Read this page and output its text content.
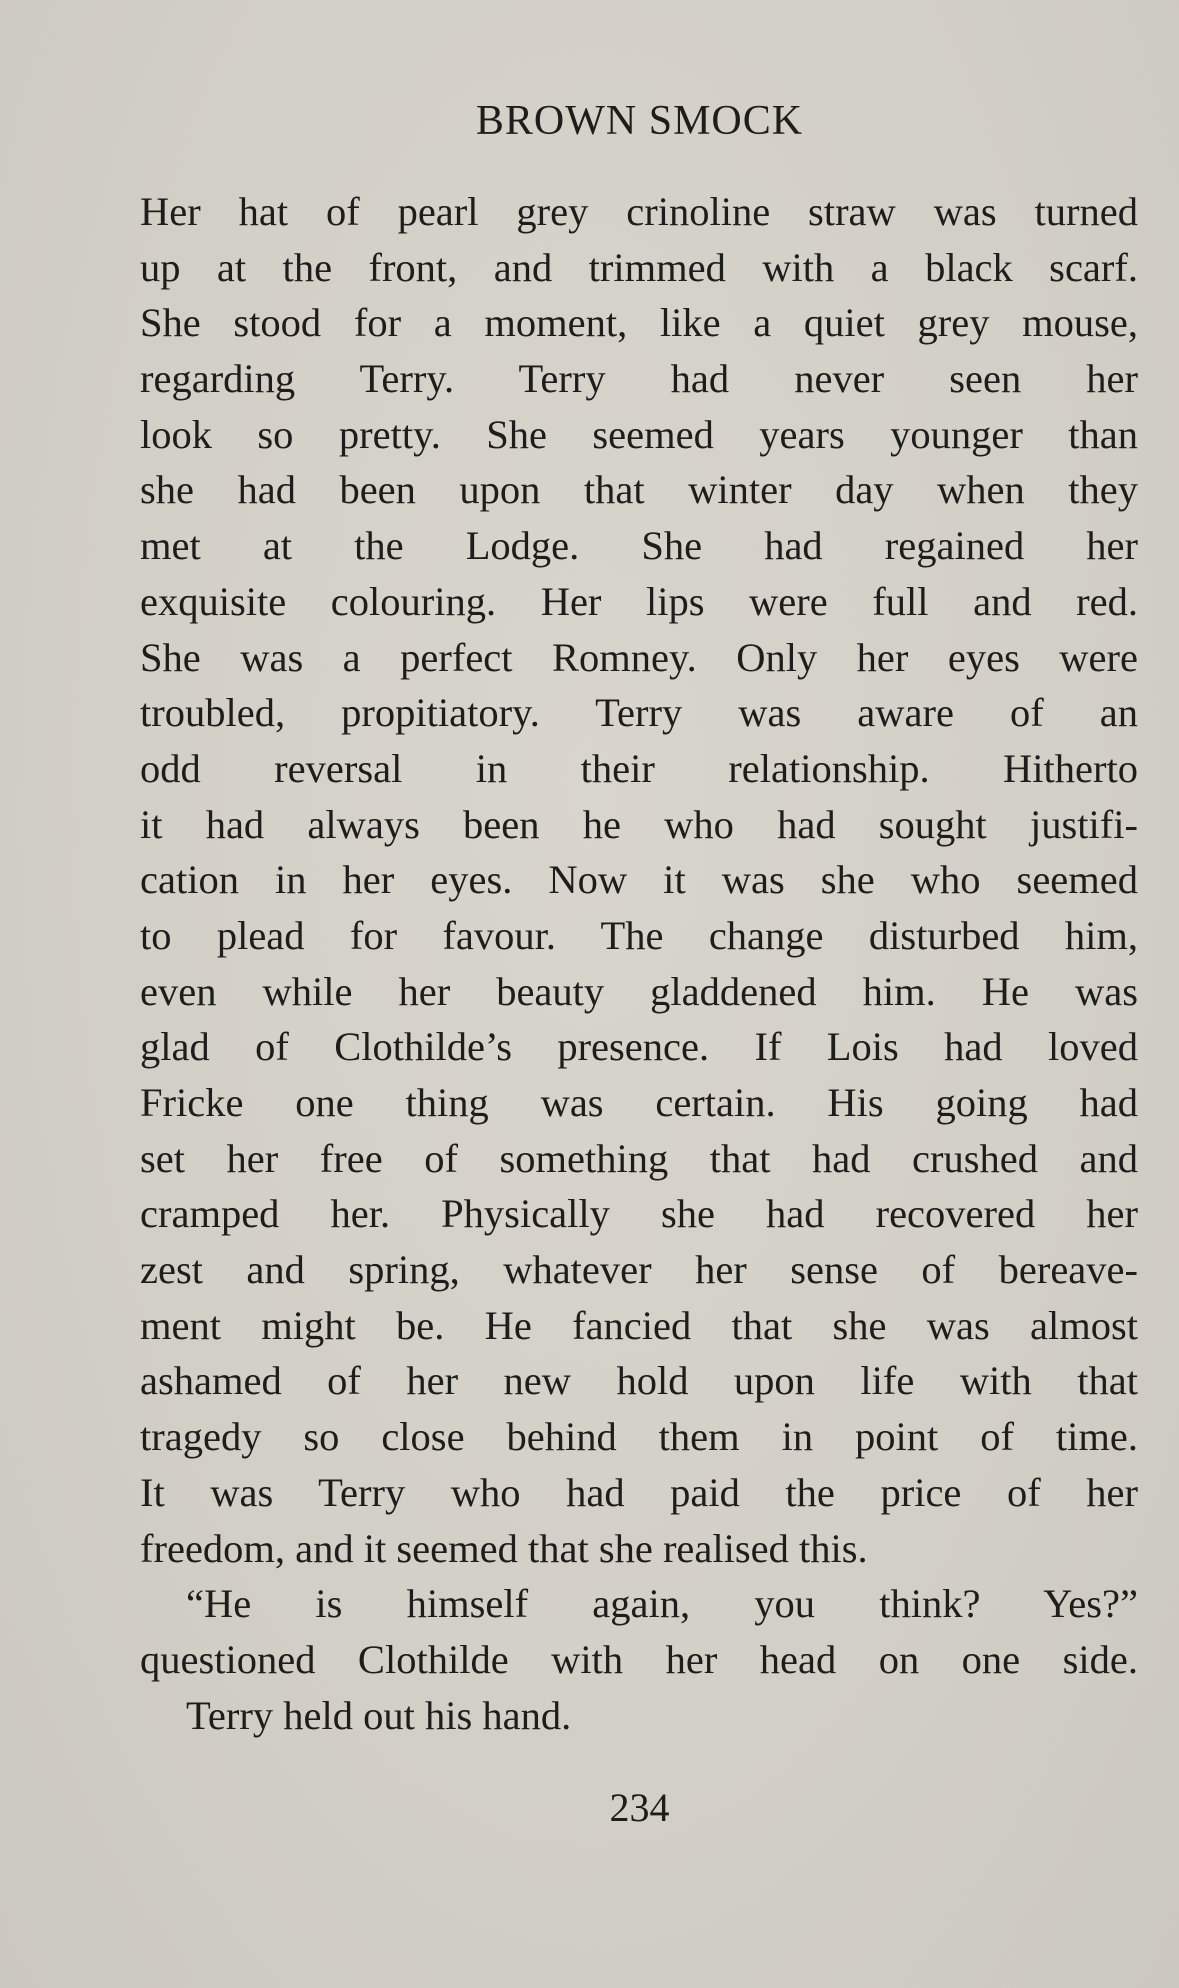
BROWN SMOCK
Her hat of pearl grey crinoline straw was turned
up at the front, and trimmed with a black scarf.
She stood for a moment, like a quiet grey mouse,
regarding Terry. Terry had never seen her
look so pretty. She seemed years younger than
she had been upon that winter day when they
met at the Lodge. She had regained her
exquisite colouring. Her lips were full and red.
She was a perfect Romney. Only her eyes were
troubled, propitiatory. Terry was aware of an
odd reversal in their relationship. Hitherto
it had always been he who had sought justifi-
cation in her eyes. Now it was she who seemed
to plead for favour. The change disturbed him,
even while her beauty gladdened him. He was
glad of Clothilde’s presence. If Lois had loved
Fricke one thing was certain. His going had
set her free of something that had crushed and
cramped her. Physically she had recovered her
zest and spring, whatever her sense of bereave-
ment might be. He fancied that she was almost
ashamed of her new hold upon life with that
tragedy so close behind them in point of time.
It was Terry who had paid the price of her
freedom, and it seemed that she realised this.
“He is himself again, you think? Yes?”
questioned Clothilde with her head on one side.
Terry held out his hand.
234
